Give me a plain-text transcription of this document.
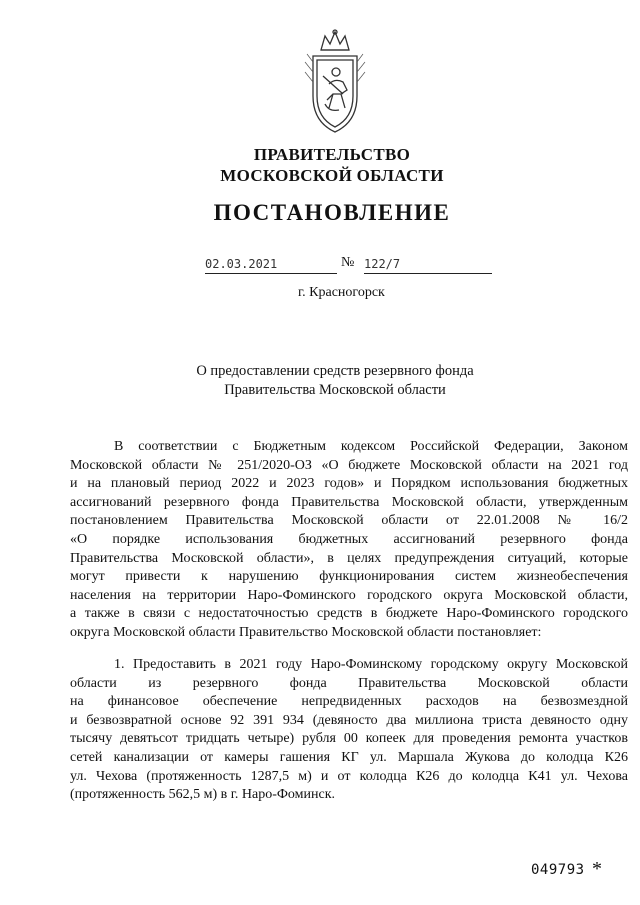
ПРАВИТЕЛЬСТВО
МОСКОВСКОЙ ОБЛАСТИ
ПОСТАНОВЛЕНИЕ
02.03.2021	№ 122/7
г. Красногорск
О предоставлении средств резервного фонда
Правительства Московской области
В соответствии с Бюджетным кодексом Российской Федерации, Законом
Московской области № 251/2020-ОЗ «О бюджете Московской области на 2021 год
и на плановый период 2022 и 2023 годов» и Порядком использования бюджетных
ассигнований резервного фонда Правительства Московской области, утвержденным
постановлением Правительства Московской области от 22.01.2008 № 16/2
«О порядке использования бюджетных ассигнований резервного фонда
Правительства Московской области», в целях предупреждения ситуаций, которые
могут привести к нарушению функционирования систем жизнеобеспечения
населения на территории Наро-Фоминского городского округа Московской области,
а также в связи с недостаточностью средств в бюджете Наро-Фоминского городского
округа Московской области Правительство Московской области постановляет:
1. Предоставить в 2021 году Наро-Фоминскому городскому округу Московской
области из резервного фонда Правительства Московской области
на финансовое обеспечение непредвиденных расходов на безвозмездной
и безвозвратной основе 92 391 934 (девяносто два миллиона триста девяносто одну
тысячу девятьсот тридцать четыре) рубля 00 копеек для проведения ремонта участков
сетей канализации от камеры гашения КГ ул. Маршала Жукова до колодца К26
ул. Чехова (протяженность 1287,5 м) и от колодца К26 до колодца К41 ул. Чехова
(протяженность 562,5 м) в г. Наро-Фоминск.
049793 *
